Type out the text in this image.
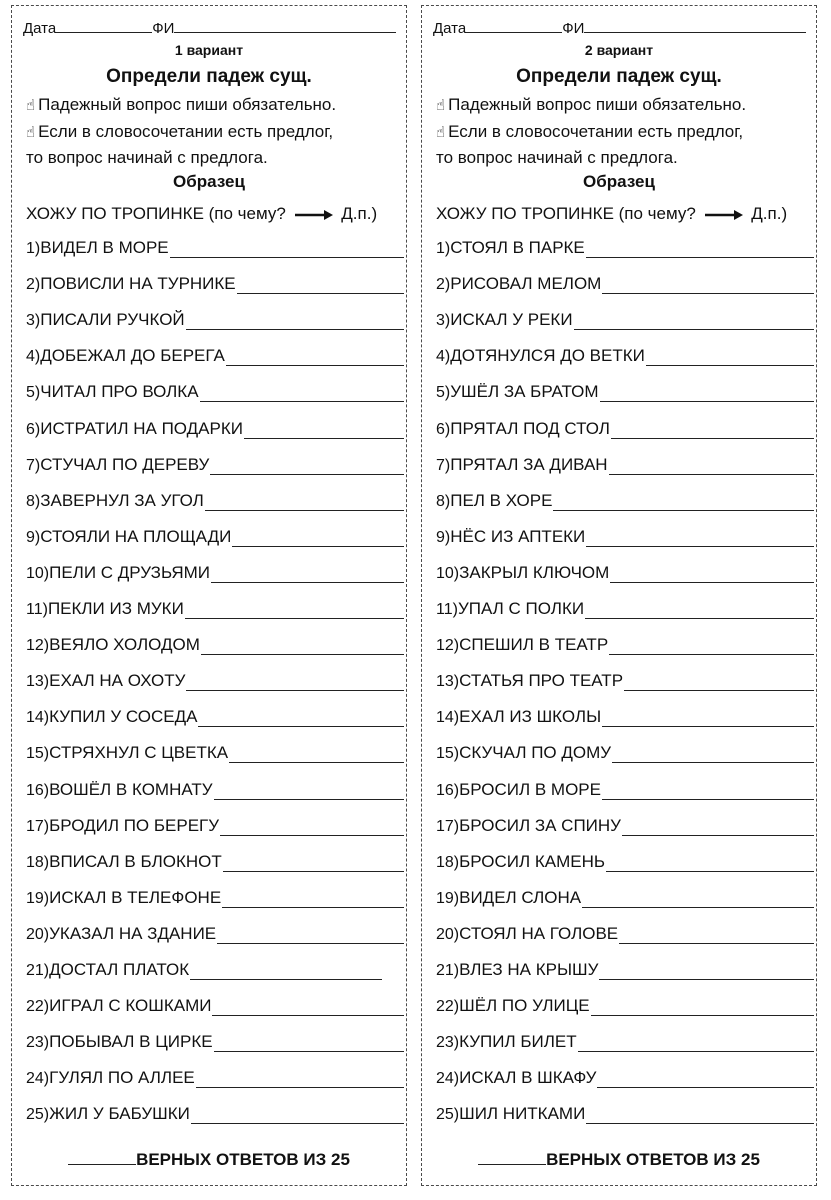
Дата	ФИ
1 вариант
Определи падеж сущ.
☝ Падежный вопрос пиши обязательно.
☝ Если в словосочетании есть предлог,
то вопрос начинай с предлога.
Образец
ХОЖУ ПО ТРОПИНКЕ (по чему?	Д.п.)
1) ВИДЕЛ В МОРЕ
2) ПОВИСЛИ НА ТУРНИКЕ
3) ПИСАЛИ РУЧКОЙ
4) ДОБЕЖАЛ ДО БЕРЕГА
5) ЧИТАЛ ПРО ВОЛКА
6) ИСТРАТИЛ НА ПОДАРКИ
7) СТУЧАЛ ПО ДЕРЕВУ
8) ЗАВЕРНУЛ ЗА УГОЛ
9) СТОЯЛИ НА ПЛОЩАДИ
10) ПЕЛИ С ДРУЗЬЯМИ
11) ПЕКЛИ ИЗ МУКИ
12) ВЕЯЛО ХОЛОДОМ
13) ЕХАЛ НА ОХОТУ
14) КУПИЛ У СОСЕДА
15) СТРЯХНУЛ С ЦВЕТКА
16) ВОШЁЛ В КОМНАТУ
17) БРОДИЛ ПО БЕРЕГУ
18) ВПИСАЛ В БЛОКНОТ
19) ИСКАЛ В ТЕЛЕФОНЕ
20) УКАЗАЛ НА ЗДАНИЕ
21) ДОСТАЛ ПЛАТОК
22) ИГРАЛ С КОШКАМИ
23) ПОБЫВАЛ В ЦИРКЕ
24) ГУЛЯЛ ПО АЛЛЕЕ
25) ЖИЛ У БАБУШКИ
ВЕРНЫХ ОТВЕТОВ ИЗ 25
Дата	ФИ
2 вариант
Определи падеж сущ.
☝ Падежный вопрос пиши обязательно.
☝ Если в словосочетании есть предлог,
то вопрос начинай с предлога.
Образец
ХОЖУ ПО ТРОПИНКЕ (по чему?	Д.п.)
1) СТОЯЛ В ПАРКЕ
2) РИСОВАЛ МЕЛОМ
3) ИСКАЛ У РЕКИ
4) ДОТЯНУЛСЯ ДО ВЕТКИ
5) УШЁЛ ЗА БРАТОМ
6) ПРЯТАЛ ПОД СТОЛ
7) ПРЯТАЛ ЗА ДИВАН
8) ПЕЛ В ХОРЕ
9) НЁС ИЗ АПТЕКИ
10) ЗАКРЫЛ КЛЮЧОМ
11) УПАЛ С ПОЛКИ
12) СПЕШИЛ В ТЕАТР
13) СТАТЬЯ ПРО ТЕАТР
14) ЕХАЛ ИЗ ШКОЛЫ
15) СКУЧАЛ ПО ДОМУ
16) БРОСИЛ В МОРЕ
17) БРОСИЛ ЗА СПИНУ
18) БРОСИЛ КАМЕНЬ
19) ВИДЕЛ СЛОНА
20) СТОЯЛ НА ГОЛОВЕ
21) ВЛЕЗ НА КРЫШУ
22) ШЁЛ ПО УЛИЦЕ
23) КУПИЛ БИЛЕТ
24) ИСКАЛ В ШКАФУ
25) ШИЛ НИТКАМИ
ВЕРНЫХ ОТВЕТОВ ИЗ 25
